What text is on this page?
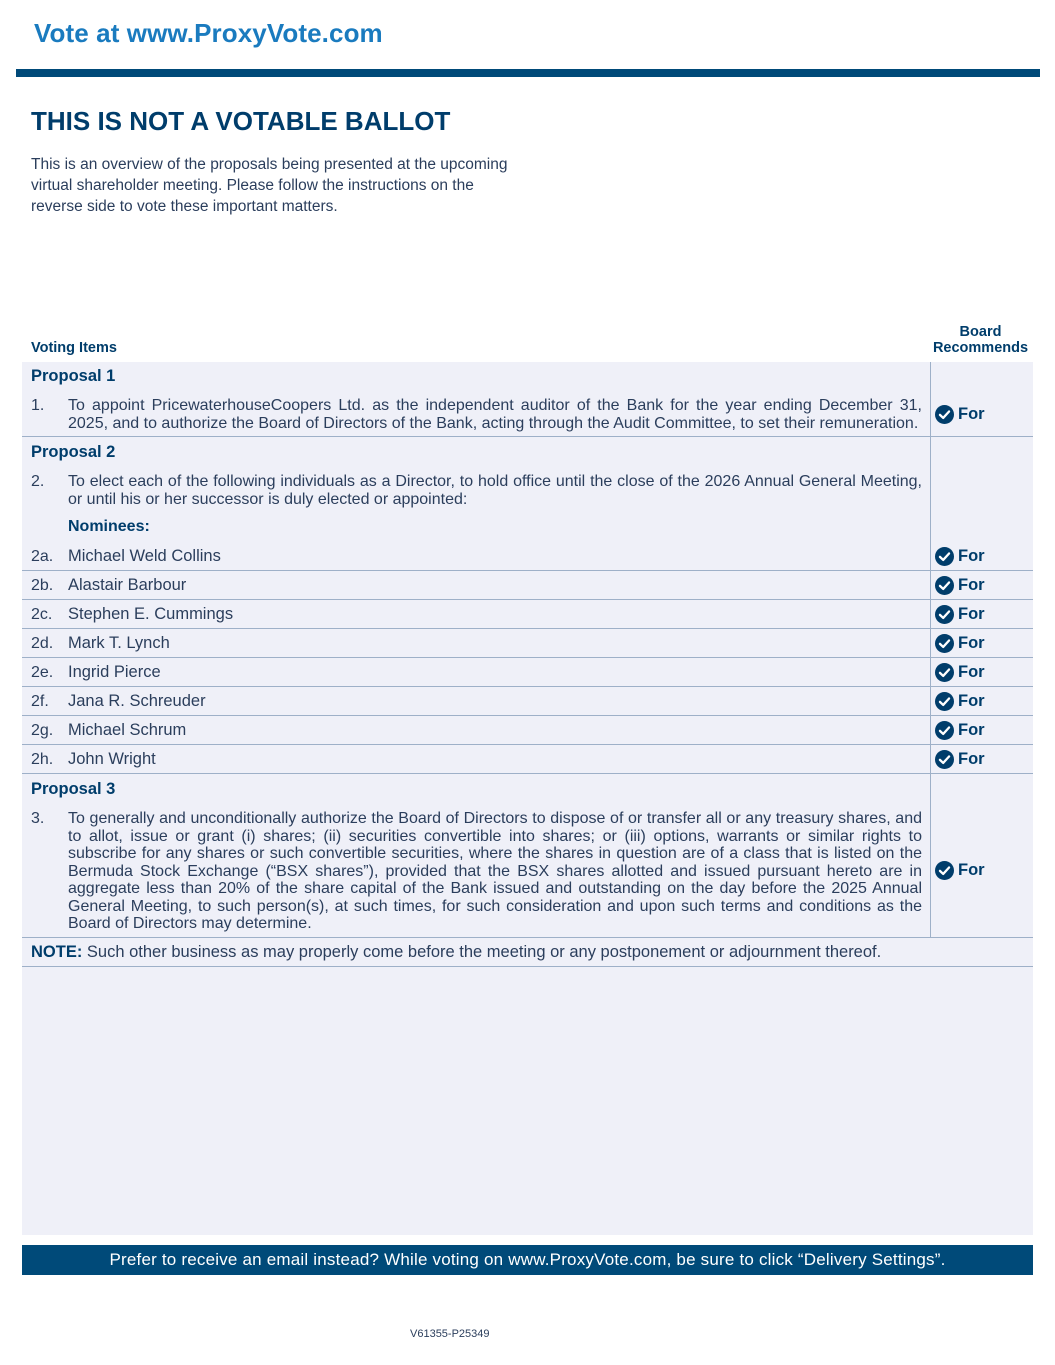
Vote at www.ProxyVote.com
THIS IS NOT A VOTABLE BALLOT
This is an overview of the proposals being presented at the upcoming virtual shareholder meeting. Please follow the instructions on the reverse side to vote these important matters.
Voting Items
Board
Recommends
Proposal 1
1. To appoint PricewaterhouseCoopers Ltd. as the independent auditor of the Bank for the year ending December 31, 2025, and to authorize the Board of Directors of the Bank, acting through the Audit Committee, to set their remuneration.
For
Proposal 2
2. To elect each of the following individuals as a Director, to hold office until the close of the 2026 Annual General Meeting, or until his or her successor is duly elected or appointed:
Nominees:
2a. Michael Weld Collins	For
2b. Alastair Barbour	For
2c. Stephen E. Cummings	For
2d. Mark T. Lynch	For
2e. Ingrid Pierce	For
2f. Jana R. Schreuder	For
2g. Michael Schrum	For
2h. John Wright	For
Proposal 3
3. To generally and unconditionally authorize the Board of Directors to dispose of or transfer all or any treasury shares, and to allot, issue or grant (i) shares; (ii) securities convertible into shares; or (iii) options, warrants or similar rights to subscribe for any shares or such convertible securities, where the shares in question are of a class that is listed on the Bermuda Stock Exchange (“BSX shares”), provided that the BSX shares allotted and issued pursuant hereto are in aggregate less than 20% of the share capital of the Bank issued and outstanding on the day before the 2025 Annual General Meeting, to such person(s), at such times, for such consideration and upon such terms and conditions as the Board of Directors may determine.
For
NOTE: Such other business as may properly come before the meeting or any postponement or adjournment thereof.
Prefer to receive an email instead? While voting on www.ProxyVote.com, be sure to click “Delivery Settings”.
V61355-P25349
